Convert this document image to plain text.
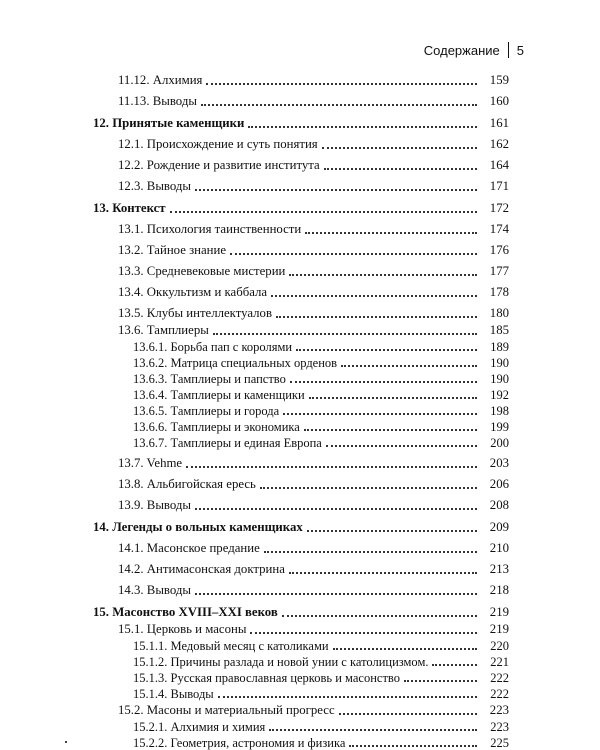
Содержание 5
11.12. Алхимия	159
11.13. Выводы	160
12. Принятые каменщики	161
12.1. Происхождение и суть понятия	162
12.2. Рождение и развитие института	164
12.3. Выводы	171
13. Контекст	172
13.1. Психология таинственности	174
13.2. Тайное знание	176
13.3. Средневековые мистерии	177
13.4. Оккультизм и каббала	178
13.5. Клубы интеллектуалов	180
13.6. Тамплиеры	185
13.6.1. Борьба пап с королями	189
13.6.2. Матрица специальных орденов	190
13.6.3. Тамплиеры и папство	190
13.6.4. Тамплиеры и каменщики	192
13.6.5. Тамплиеры и города	198
13.6.6. Тамплиеры и экономика	199
13.6.7. Тамплиеры и единая Европа	200
13.7. Vehme	203
13.8. Альбигойская ересь	206
13.9. Выводы	208
14. Легенды о вольных каменщиках	209
14.1. Масонское предание	210
14.2. Антимасонская доктрина	213
14.3. Выводы	218
15. Масонство XVIII–XXI веков	219
15.1. Церковь и масоны	219
15.1.1. Медовый месяц с католиками	220
15.1.2. Причины разлада и новой унии с католицизмом.	221
15.1.3. Русская православная церковь и масонство	222
15.1.4. Выводы	222
15.2. Масоны и материальный прогресс	223
15.2.1. Алхимия и химия	223
15.2.2. Геометрия, астрономия и физика	225
